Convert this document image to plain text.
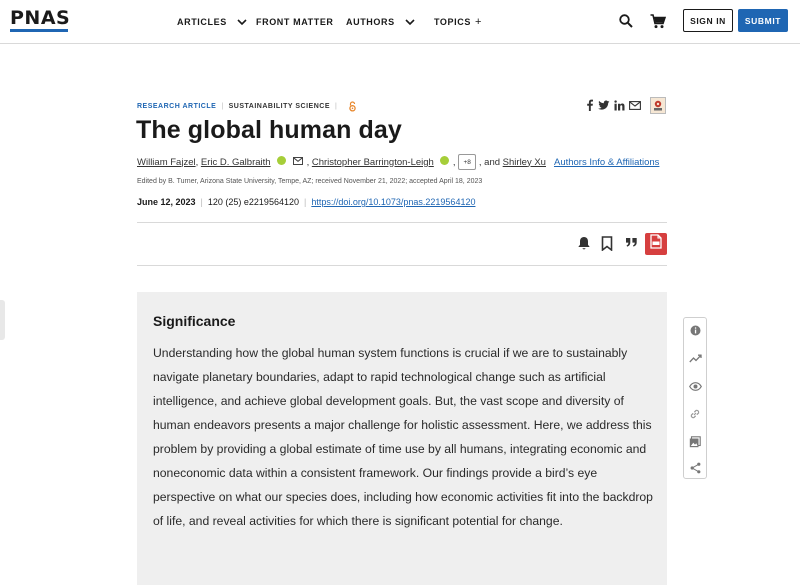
PNAS	ARTICLES	FRONT MATTER AUTHORS	TOPICS +	SIGN IN	SUBMIT
RESEARCH ARTICLE | SUSTAINABILITY SCIENCE |
The global human day
William Fajzel , Eric D. Galbraith	, Christopher Barrington-Leigh ,	+8 , and
Shirley Xu Authors Info & Affiliations
Edited by B. Turner, Arizona State University, Tempe, AZ; received November 21, 2022; accepted April 18, 2023
June 12, 2023 | 120 (25) e2219564120 | https://doi.org/10.1073/pnas.2219564120
Significance

Understanding how the global human system functions is crucial if we are to sustainably navigate planetary boundaries, adapt to rapid technological change such as artificial intelligence, and achieve global development goals. But, the vast scope and diversity of human endeavors presents a major challenge for holistic assessment. Here, we address this problem by providing a global estimate of time use by all humans, integrating economic and noneconomic data within a consistent framework. Our findings provide a bird’s eye perspective on what our species does, including how economic activities fit into the backdrop of life, and reveal activities for which there is significant potential for change.
